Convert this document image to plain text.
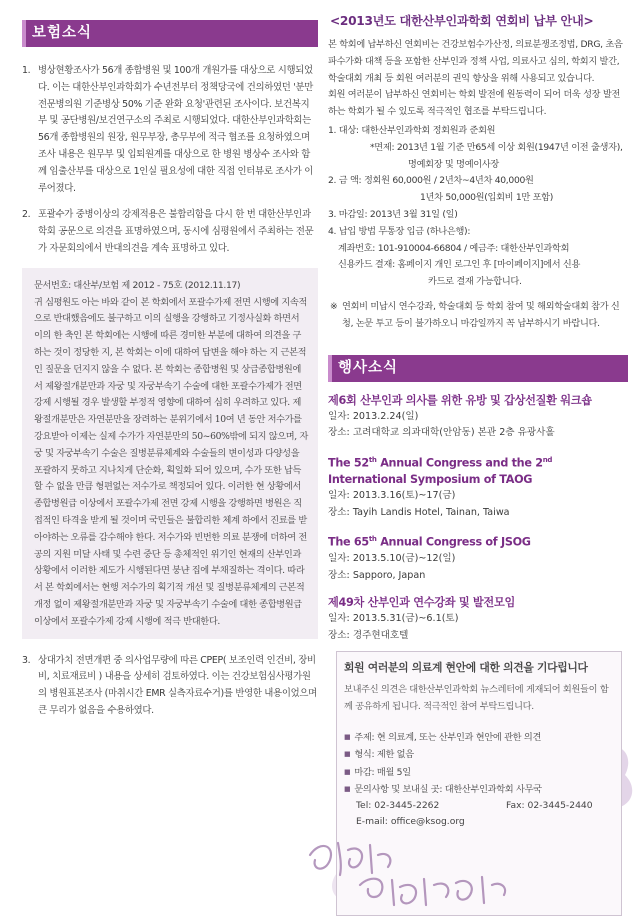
보험소식
1. 병상현황조사가 56개 종합병원 및 100개 개원가를 대상으로 시행되었다. 이는 대한산부인과학회가 수년전부터 정책당국에 건의하였던 '분만전문병의원 기준병상 50% 기준 완화 요청'관련된 조사이다. 보건복지부 및 공단병원/보건연구소의 주최로 시행되었다. 대한산부인과학회는 56개 종합병원의 원장, 원무부장, 총무부에 적극 협조를 요청하였으며 조사 내용은 원무부 및 입퇴원계를 대상으로 한 병원 병상수 조사와 함께 임출산부를 대상으로 1인실 필요성에 대한 직접 인터뷰로 조사가 이루어졌다.
2. 포괄수가 중병이상의 강제적용은 불합리함을 다시 한 번 대한산부인과학회 공문으로 의견을 표명하였으며, 동시에 심평원에서 주최하는 전문가 자문회의에서 반대의견을 계속 표명하고 있다.
문서번호: 대산부/보험 제 2012 - 75호 (2012.11.17)
귀 심평원도 아는 바와 같이 본 학회에서 포괄수가제 전면 시행에 지속적으로 반대했음에도 불구하고 이의 실행을 강행하고 기정사실화 하면서 이의 한 축인 본 학회에는 시행에 따른 경미한 부분에 대하여 의견을 구하는 것이 정당한 지, 본 학회는 이에 대하여 답변을 해야 하는 지 근본적인 질문을 던지지 않을 수 없다. 본 학회는 종합병원 및 상급종합병원에서 제왕절개분만과 자궁 및 자궁부속기 수술에 대한 포괄수가제가 전면 강제 시행될 경우 발생할 부정적 영향에 대하여 심히 우려하고 있다. 제왕절개분만은 자연분만을 장려하는 분위기에서 10여 년 동안 저수가를 강요받아 이제는 실제 수가가 자연분만의 50~60%밖에 되지 않으며, 자궁 및 자궁부속기 수술은 질병분류체계와 수술들의 변이성과 다양성을 포괄하지 못하고 지나치게 단순화, 획일화 되어 있으며, 수가 또한 납득할 수 없을 만큼 형편없는 저수가로 책정되어 있다. 이러한 현 상황에서 종합병원급 이상에서 포괄수가제 전면 강제 시행을 강행하면 병원은 직접적인 타격을 받게 될 것이며 국민들은 불합리한 체계 하에서 진료를 받아야하는 오류를 감수해야 한다. 저수가와 빈번한 의료 분쟁에 더하여 전공의 지원 미달 사태 및 수련 중단 등 총체적인 위기인 현재의 산부인과 상황에서 이러한 제도가 시행된다면 붕냔 집에 부채질하는 격이다. 따라서 본 학회에서는 현행 저수가의 획기적 개선 및 질병분류체계의 근본적 개정 없이 제왕절개분만과 자궁 및 자궁부속기 수술에 대한 종합병원급 이상에서 포괄수가제 강제 시행에 적극 반대한다.
3. 상대가치 전면개편 중 의사업무량에 따른 CPEP( 보조인력 인건비, 장비비, 치료재료비 ) 내용을 상세히 검토하였다. 이는 건강보험심사평가원의 병원표본조사 (마취시간 EMR 실측자료수거)를 반영한 내용이었으며 큰 무리가 없음을 수용하였다.
<2013년도 대한산부인과학회 연회비 납부 안내>
본 학회에 납부하신 연회비는 건강보험수가산정, 의료분쟁조정법, DRG, 초음파수가화 대책 등을 포함한 산부인과 정책 사업, 의료사고 심의, 학회지 발간, 학술대회 개최 등 회원 여러분의 권익 향상을 위해 사용되고 있습니다.
회원 여러분이 납부하신 연회비는 학회 발전에 원동력이 되어 더욱 성장 발전 하는 학회가 될 수 있도록 적극적인 협조를 부탁드립니다.
1. 대상: 대한산부인과학회 정회원과 준회원
*면제: 2013년 1월 기준 만65세 이상 회원(1947년 이전 출생자),
명예회장 및 명예이사장
2. 금 액: 정회원 60,000원 / 2년차~4년차 40,000원
1년차 50,000원(입회비 1만 포함)
3. 마감일: 2013년 3월 31일 (일)
4. 납입 방법 무통장 입금 (하나은행):
계좌번호: 101-910004-66804 / 예금주: 대한산부인과학회
신용카드 결재: 홈페이지 개인 로그인 후 [마이페이지]에서 신용
카드로 결재 가능합니다.
※ 연회비 미납시 연수강좌, 학술대회 등 학회 참여 및 해외학술대회 참가 신청, 논문 투고 등이 불가하오니 마감일까지 꼭 납부하시기 바랍니다.
행사소식
제6회 산부인과 의사를 위한 유방 및 갑상선질환 워크숍
일자: 2013.2.24(일)
장소: 고려대학교 의과대학(안암동) 본관 2층 유광사홀
The 52th Annual Congress and the 2nd International Symposium of TAOG
일자: 2013.3.16(토)~17(금)
장소: Tayih Landis Hotel, Tainan, Taiwa
The 65th Annual Congress of JSOG
일자: 2013.5.10(금)~12(일)
장소: Sapporo, Japan
제49차 산부인과 연수강좌 및 발전모임
일자: 2013.5.31(금)~6.1(토)
장소: 경주현대호텔
회원 여러분의 의료계 현안에 대한 의견을 기다립니다
보내주신 의견은 대한산부인과학회 뉴스레터에 게재되어 회원들이 함께 공유하게 됩니다. 적극적인 참여 부탁드립니다.
■ 주제: 현 의료계, 또는 산부인과 현안에 관한 의견
■ 형식: 제한 없음
■ 마감: 매월 5일
■ 문의사항 및 보내실 곳: 대한산부인과학회 사무국
Tel: 02-3445-2262	Fax: 02-3445-2440
E-mail: office@ksog.org
